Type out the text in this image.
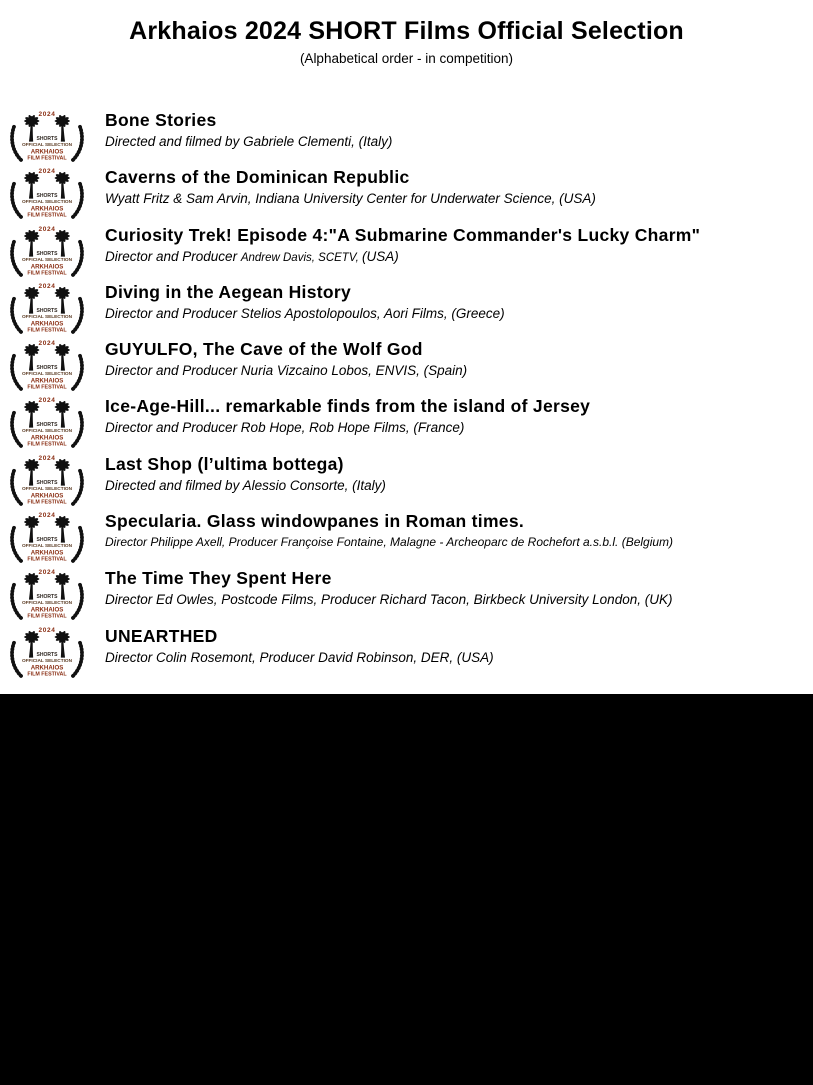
Arkhaios 2024 SHORT Films Official Selection
(Alphabetical order - in competition)
Bone Stories
Directed and filmed by Gabriele Clementi, (Italy)
Caverns of the Dominican Republic
Wyatt Fritz & Sam Arvin, Indiana University Center for Underwater Science, (USA)
Curiosity Trek! Episode 4:"A Submarine Commander's Lucky Charm"
Director and Producer Andrew Davis, SCETV, (USA)
Diving in the Aegean History
Director and Producer Stelios Apostolopoulos, Aori Films, (Greece)
GUYULFO, The Cave of the Wolf God
Director and Producer Nuria Vizcaino Lobos, ENVIS, (Spain)
Ice-Age-Hill... remarkable finds from the island of Jersey
Director and Producer Rob Hope, Rob Hope Films, (France)
Last Shop (l’ultima bottega)
Directed and filmed by Alessio Consorte, (Italy)
Specularia. Glass windowpanes in Roman times.
Director Philippe Axell, Producer Françoise Fontaine, Malagne - Archeoparc de Rochefort a.s.b.l. (Belgium)
The Time They Spent Here
Director Ed Owles, Postcode Films, Producer Richard Tacon, Birkbeck University London, (UK)
UNEARTHED
Director Colin Rosemont, Producer David Robinson, DER, (USA)
